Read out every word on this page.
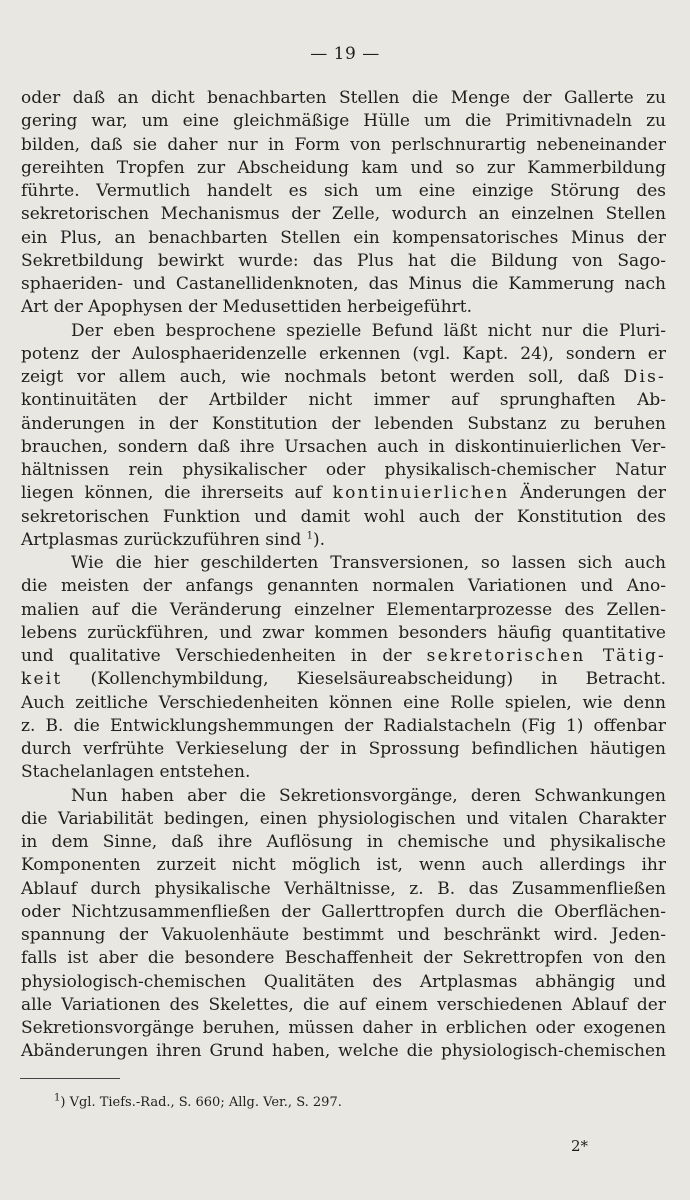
— 19 —
oder daß an dicht benachbarten Stellen die Menge der Gallerte zu
gering war, um eine gleichmäßige Hülle um die Primitivnadeln zu
bilden, daß sie daher nur in Form von perlschnurartig nebeneinander
gereihten Tropfen zur Abscheidung kam und so zur Kammerbildung
führte. Vermutlich handelt es sich um eine einzige Störung des
sekretorischen Mechanismus der Zelle, wodurch an einzelnen Stellen
ein Plus, an benachbarten Stellen ein kompensatorisches Minus der
Sekretbildung bewirkt wurde: das Plus hat die Bildung von Sago-
sphaeriden- und Castanellidenknoten, das Minus die Kammerung nach
Art der Apophysen der Medusettiden herbeigeführt.
Der eben besprochene spezielle Befund läßt nicht nur die Pluri-
potenz der Aulosphaeridenzelle erkennen (vgl. Kapt. 24), sondern er
zeigt vor allem auch, wie nochmals betont werden soll, daß Dis-
kontinuitäten der Artbilder nicht immer auf sprunghaften Ab-
änderungen in der Konstitution der lebenden Substanz zu beruhen
brauchen, sondern daß ihre Ursachen auch in diskontinuierlichen Ver-
hältnissen rein physikalischer oder physikalisch-chemischer Natur
liegen können, die ihrerseits auf kontinuierlichen Änderungen der
sekretorischen Funktion und damit wohl auch der Konstitution des
Artplasmas zurückzuführen sind $^1$).
Wie die hier geschilderten Transversionen, so lassen sich auch
die meisten der anfangs genannten normalen Variationen und Ano-
malien auf die Veränderung einzelner Elementarprozesse des Zellen-
lebens zurückführen, und zwar kommen besonders häufig quantitative
und qualitative Verschiedenheiten in der sekretorischen Tätig-
keit (Kollenchymbildung, Kieselsäureabscheidung) in Betracht.
Auch zeitliche Verschiedenheiten können eine Rolle spielen, wie denn
z. B. die Entwicklungshemmungen der Radialstacheln (Fig 1) offenbar
durch verfrühte Verkieselung der in Sprossung befindlichen häutigen
Stachelanlagen entstehen.
Nun haben aber die Sekretionsvorgänge, deren Schwankungen
die Variabilität bedingen, einen physiologischen und vitalen Charakter
in dem Sinne, daß ihre Auflösung in chemische und physikalische
Komponenten zurzeit nicht möglich ist, wenn auch allerdings ihr
Ablauf durch physikalische Verhältnisse, z. B. das Zusammenfließen
oder Nichtzusammenfließen der Gallerttropfen durch die Oberflächen-
spannung der Vakuolenhäute bestimmt und beschränkt wird. Jeden-
falls ist aber die besondere Beschaffenheit der Sekrettropfen von den
physiologisch-chemischen Qualitäten des Artplasmas abhängig und
alle Variationen des Skelettes, die auf einem verschiedenen Ablauf der
Sekretionsvorgänge beruhen, müssen daher in erblichen oder exogenen
Abänderungen ihren Grund haben, welche die physiologisch-chemischen
$^1$) Vgl. Tiefs.-Rad., S. 660; Allg. Ver., S. 297.
2*
